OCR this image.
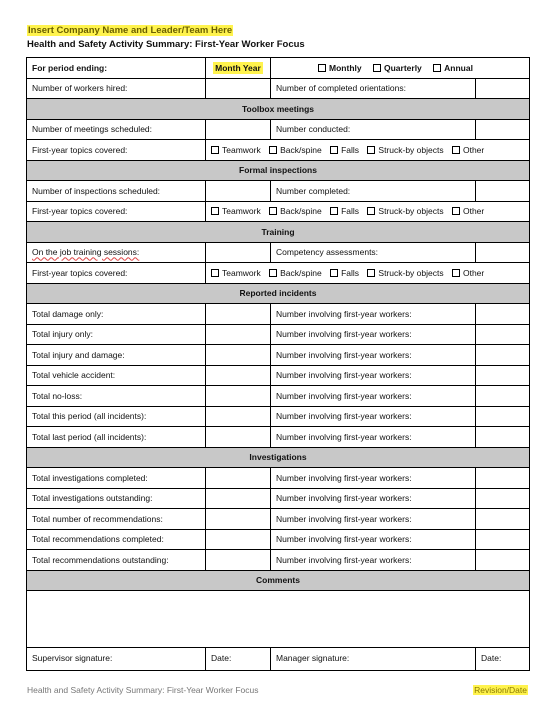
Insert Company Name and Leader/Team Here
Health and Safety Activity Summary: First-Year Worker Focus
For period ending:	Month Year	Monthly Quarterly Annual	
Number of workers hired:		Number of completed orientations:	
Toolbox meetings			
Number of meetings scheduled:		Number conducted:	
First-year topics covered:	Teamwork Back/spine Falls Struck-by objects Other		
Formal inspections			
Number of inspections scheduled:		Number completed:	
First-year topics covered:	Teamwork Back/spine Falls Struck-by objects Other		
Training			
On the job training sessions:		Competency assessments:	
First-year topics covered:	Teamwork Back/spine Falls Struck-by objects Other		
Reported incidents			
Total damage only:		Number involving first-year workers:	
Total injury only:		Number involving first-year workers:	
Total injury and damage:		Number involving first-year workers:	
Total vehicle accident:		Number involving first-year workers:	
Total no-loss:		Number involving first-year workers:	
Total this period (all incidents):		Number involving first-year workers:	
Total last period (all incidents):		Number involving first-year workers:	
Investigations			
Total investigations completed:		Number involving first-year workers:	
Total investigations outstanding:		Number involving first-year workers:	
Total number of recommendations:		Number involving first-year workers:	
Total recommendations completed:		Number involving first-year workers:	
Total recommendations outstanding:		Number involving first-year workers:	
Comments			

Supervisor signature:	Date:	Manager signature:	Date:
Health and Safety Activity Summary: First-Year Worker Focus	Revision/Date
